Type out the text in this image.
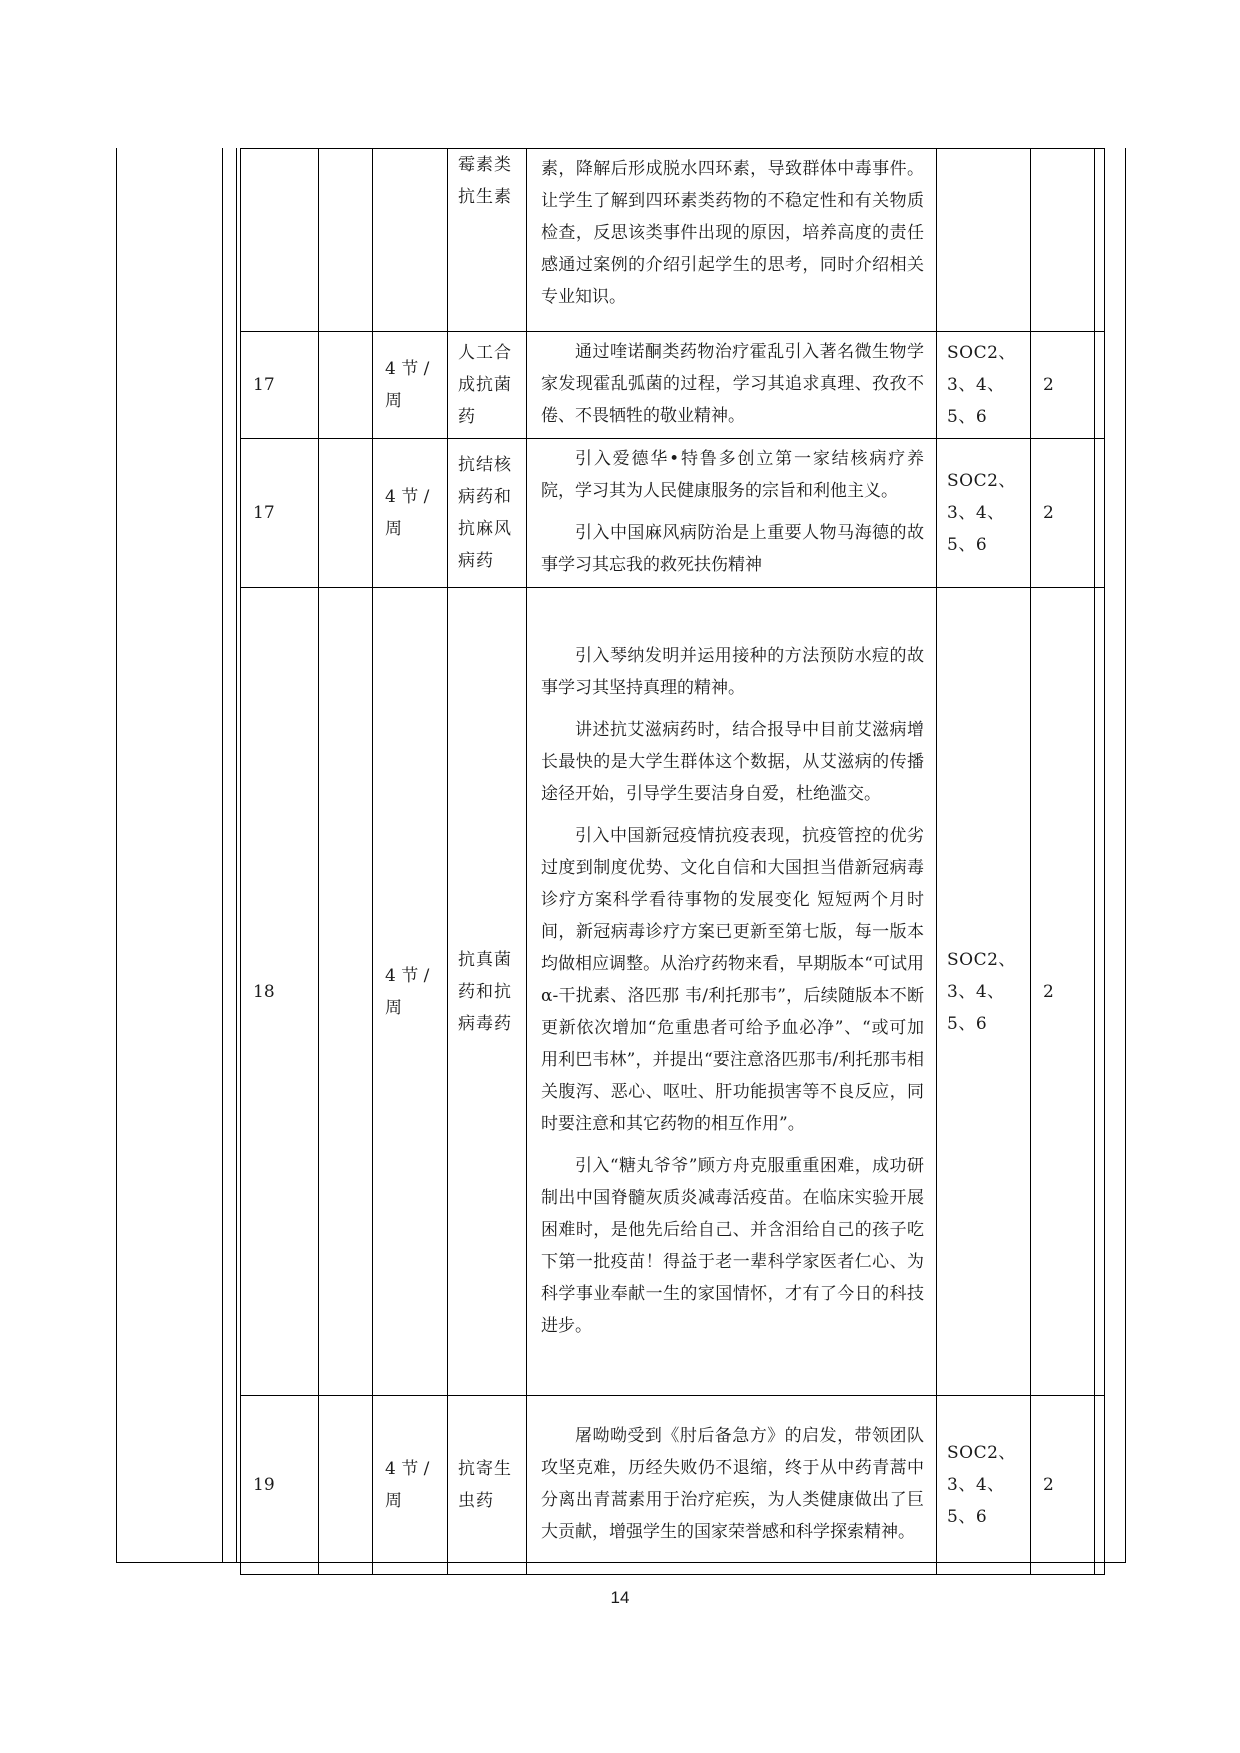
			霉素类抗生素	素，降解后形成脱水四环素，导致群体中毒事件。让学生了解到四环素类药物的不稳定性和有关物质检查，反思该类事件出现的原因，培养高度的责任感通过案例的介绍引起学生的思考，同时介绍相关专业知识。			

17		4 节 / 周	人工合成抗菌药	通过喹诺酮类药物治疗霍乱引入著名微生物学家发现霍乱弧菌的过程，学习其追求真理、孜孜不倦、不畏牺牲的敬业精神。	SOC2、3、4、5、6	2	
17		4 节 / 周	抗结核病药和抗麻风病药	引入爱德华•特鲁多创立第一家结核病疗养院，学习其为人民健康服务的宗旨和利他主义。

引入中国麻风病防治是上重要人物马海德的故事学习其忘我的救死扶伤精神	SOC2、3、4、5、6	2	
18		4 节 / 周	抗真菌药和抗病毒药	引入琴纳发明并运用接种的方法预防水痘的故事学习其坚持真理的精神。

讲述抗艾滋病药时，结合报导中目前艾滋病增长最快的是大学生群体这个数据，从艾滋病的传播途径开始，引导学生要洁身自爱，杜绝滥交。

引入中国新冠疫情抗疫表现，抗疫管控的优劣过度到制度优势、文化自信和大国担当借新冠病毒诊疗方案科学看待事物的发展变化 短短两个月时间，新冠病毒诊疗方案已更新至第七版，每一版本均做相应调整。从治疗药物来看，早期版本“可试用 α-干扰素、洛匹那 韦/利托那韦”，后续随版本不断更新依次增加“危重患者可给予血必净”、“或可加用利巴韦林”，并提出“要注意洛匹那韦/利托那韦相关腹泻、恶心、呕吐、肝功能损害等不良反应，同时要注意和其它药物的相互作用”。

引入“糖丸爷爷”顾方舟克服重重困难，成功研制出中国脊髓灰质炎减毒活疫苗。在临床实验开展困难时，是他先后给自己、并含泪给自己的孩子吃下第一批疫苗！得益于老一辈科学家医者仁心、为科学事业奉献一生的家国情怀，才有了今日的科技进步。	SOC2、3、4、5、6	2	
19		4 节 / 周	抗寄生虫药	屠呦呦受到《肘后备急方》的启发，带领团队攻坚克难，历经失败仍不退缩，终于从中药青蒿中分离出青蒿素用于治疗疟疾，为人类健康做出了巨大贡献，增强学生的国家荣誉感和科学探索精神。	SOC2、3、4、5、6	2	
14
